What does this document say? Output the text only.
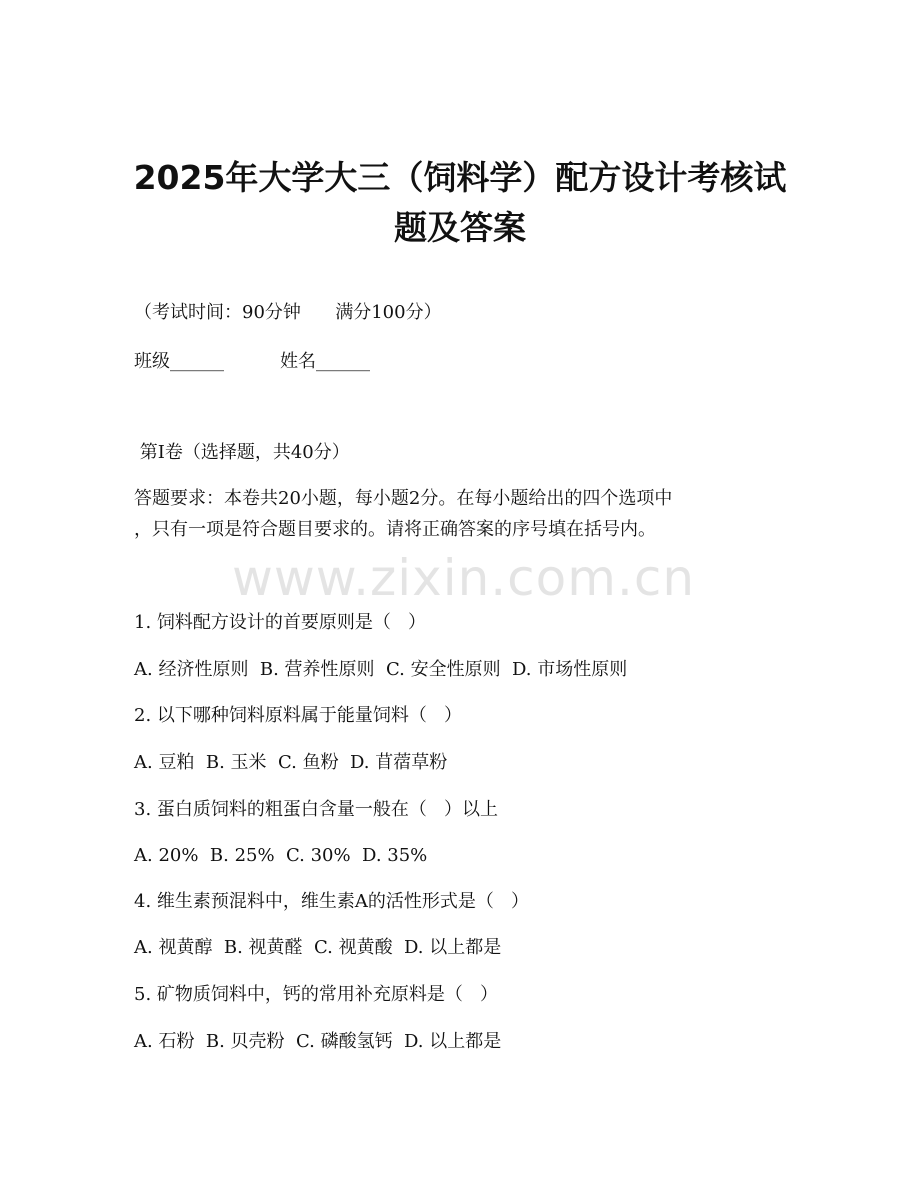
2025年大学大三（饲料学）配方设计考核试
题及答案

（考试时间：90分钟      满分100分）

班级______	姓名______

第Ⅰ卷（选择题，共40分）

答题要求：本卷共20小题，每小题2分。在每小题给出的四个选项中

，只有一项是符合题目要求的。请将正确答案的序号填在括号内。

www.zixin.com.cn

1. 饲料配方设计的首要原则是（   ）

A. 经济性原则  B. 营养性原则  C. 安全性原则  D. 市场性原则

2. 以下哪种饲料原料属于能量饲料（   ）

A. 豆粕  B. 玉米  C. 鱼粉  D. 苜蓿草粉

3. 蛋白质饲料的粗蛋白含量一般在（   ）以上

A. 20%  B. 25%  C. 30%  D. 35%

4. 维生素预混料中，维生素A的活性形式是（   ）

A. 视黄醇  B. 视黄醛  C. 视黄酸  D. 以上都是

5. 矿物质饲料中，钙的常用补充原料是（   ）

A. 石粉  B. 贝壳粉  C. 磷酸氢钙  D. 以上都是
